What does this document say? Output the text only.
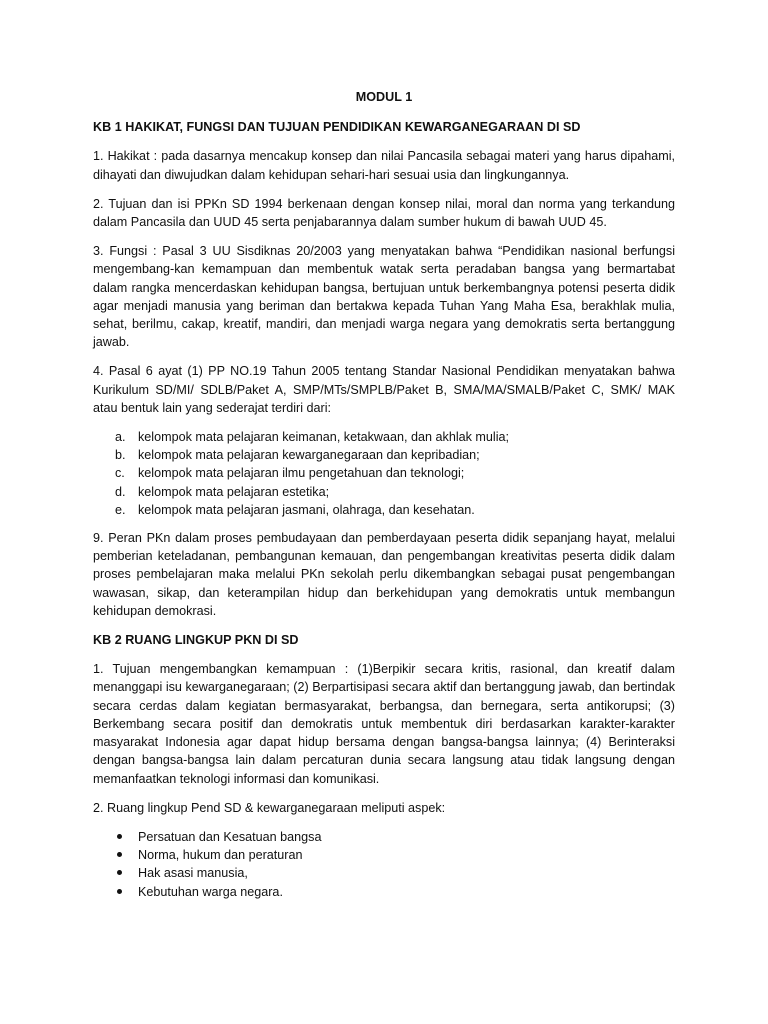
MODUL 1
KB 1 HAKIKAT, FUNGSI DAN TUJUAN PENDIDIKAN KEWARGANEGARAAN DI SD

1. Hakikat : pada dasarnya mencakup konsep dan nilai Pancasila sebagai materi yang harus dipahami, dihayati dan diwujudkan dalam kehidupan sehari-hari sesuai usia dan lingkungannya.

2. Tujuan dan isi PPKn SD 1994 berkenaan dengan konsep nilai, moral dan norma yang terkandung dalam Pancasila dan UUD 45 serta penjabarannya dalam sumber hukum di bawah UUD 45.

3. Fungsi : Pasal 3 UU Sisdiknas 20/2003 yang menyatakan bahwa “Pendidikan nasional berfungsi mengembang-kan kemampuan dan membentuk watak serta peradaban bangsa yang bermartabat dalam rangka mencerdaskan kehidupan bangsa, bertujuan untuk berkembangnya potensi peserta didik agar menjadi manusia yang beriman dan bertakwa kepada Tuhan Yang Maha Esa, berakhlak mulia, sehat, berilmu, cakap, kreatif, mandiri, dan menjadi warga negara yang demokratis serta bertanggung jawab.

4. Pasal 6 ayat (1) PP NO.19 Tahun 2005 tentang Standar Nasional Pendidikan menyatakan bahwa Kurikulum SD/MI/ SDLB/Paket A, SMP/MTs/SMPLB/Paket B, SMA/MA/SMALB/Paket C, SMK/ MAK atau bentuk lain yang sederajat terdiri dari:

a. kelompok mata pelajaran keimanan, ketakwaan, dan akhlak mulia;
b. kelompok mata pelajaran kewarganegaraan dan kepribadian;
c. kelompok mata pelajaran ilmu pengetahuan dan teknologi;
d. kelompok mata pelajaran estetika;
e. kelompok mata pelajaran jasmani, olahraga, dan kesehatan.

9. Peran PKn dalam proses pembudayaan dan pemberdayaan peserta didik sepanjang hayat, melalui pemberian keteladanan, pembangunan kemauan, dan pengembangan kreativitas peserta didik dalam proses pembelajaran maka melalui PKn sekolah perlu dikembangkan sebagai pusat pengembangan wawasan, sikap, dan keterampilan hidup dan berkehidupan yang demokratis untuk membangun kehidupan demokrasi.

KB 2 RUANG LINGKUP PKN DI SD

1. Tujuan mengembangkan kemampuan : (1)Berpikir secara kritis, rasional, dan kreatif dalam menanggapi isu kewarganegaraan; (2) Berpartisipasi secara aktif dan bertanggung jawab, dan bertindak secara cerdas dalam kegiatan bermasyarakat, berbangsa, dan bernegara, serta antikorupsi; (3) Berkembang secara positif dan demokratis untuk membentuk diri berdasarkan karakter-karakter masyarakat Indonesia agar dapat hidup bersama dengan bangsa-bangsa lainnya; (4) Berinteraksi dengan bangsa-bangsa lain dalam percaturan dunia secara langsung atau tidak langsung dengan memanfaatkan teknologi informasi dan komunikasi.

2. Ruang lingkup Pend SD & kewarganegaraan meliputi aspek:

Persatuan dan Kesatuan bangsa
Norma, hukum dan peraturan
Hak asasi manusia,
Kebutuhan warga negara.
